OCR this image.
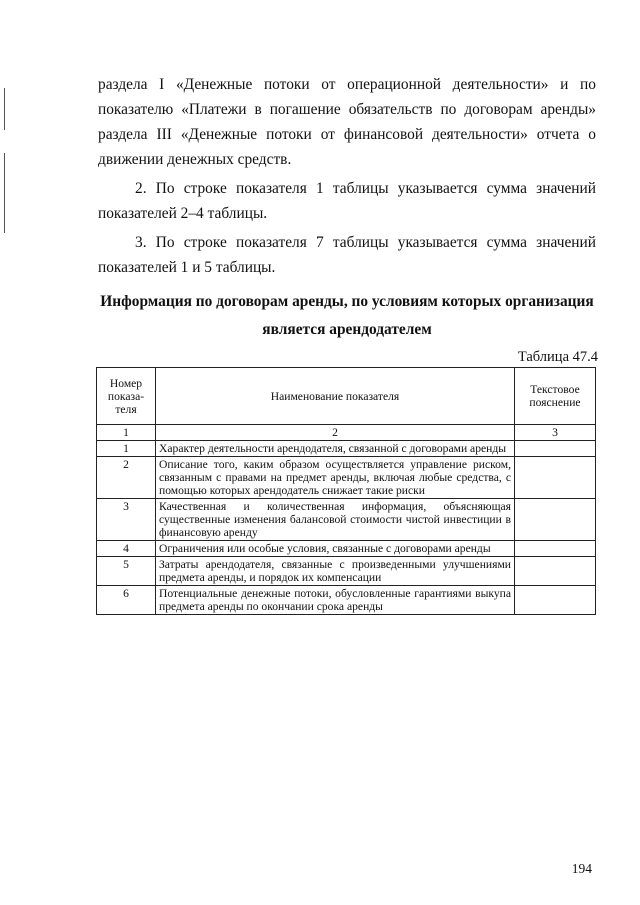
раздела I «Денежные потоки от операционной деятельности» и по показателю «Платежи в погашение обязательств по договорам аренды» раздела III «Денежные потоки от финансовой деятельности» отчета о движении денежных средств.

2. По строке показателя 1 таблицы указывается сумма значений показателей 2–4 таблицы.

3. По строке показателя 7 таблицы указывается сумма значений показателей 1 и 5 таблицы.

Информация по договорам аренды, по условиям которых организация является арендодателем
Таблица 47.4
Номер показа-теля	Наименование показателя	Текстовое пояснение
1	2	3
1	Характер деятельности арендодателя, связанной с договорами аренды	
2	Описание того, каким образом осуществляется управление риском, связанным с правами на предмет аренды, включая любые средства, с помощью которых арендодатель снижает такие риски	
3	Качественная и количественная информация, объясняющая существенные изменения балансовой стоимости чистой инвестиции в финансовую аренду	
4	Ограничения или особые условия, связанные с договорами аренды	
5	Затраты арендодателя, связанные с произведенными улучшениями предмета аренды, и порядок их компенсации	
6	Потенциальные денежные потоки, обусловленные гарантиями выкупа предмета аренды по окончании срока аренды	
194
